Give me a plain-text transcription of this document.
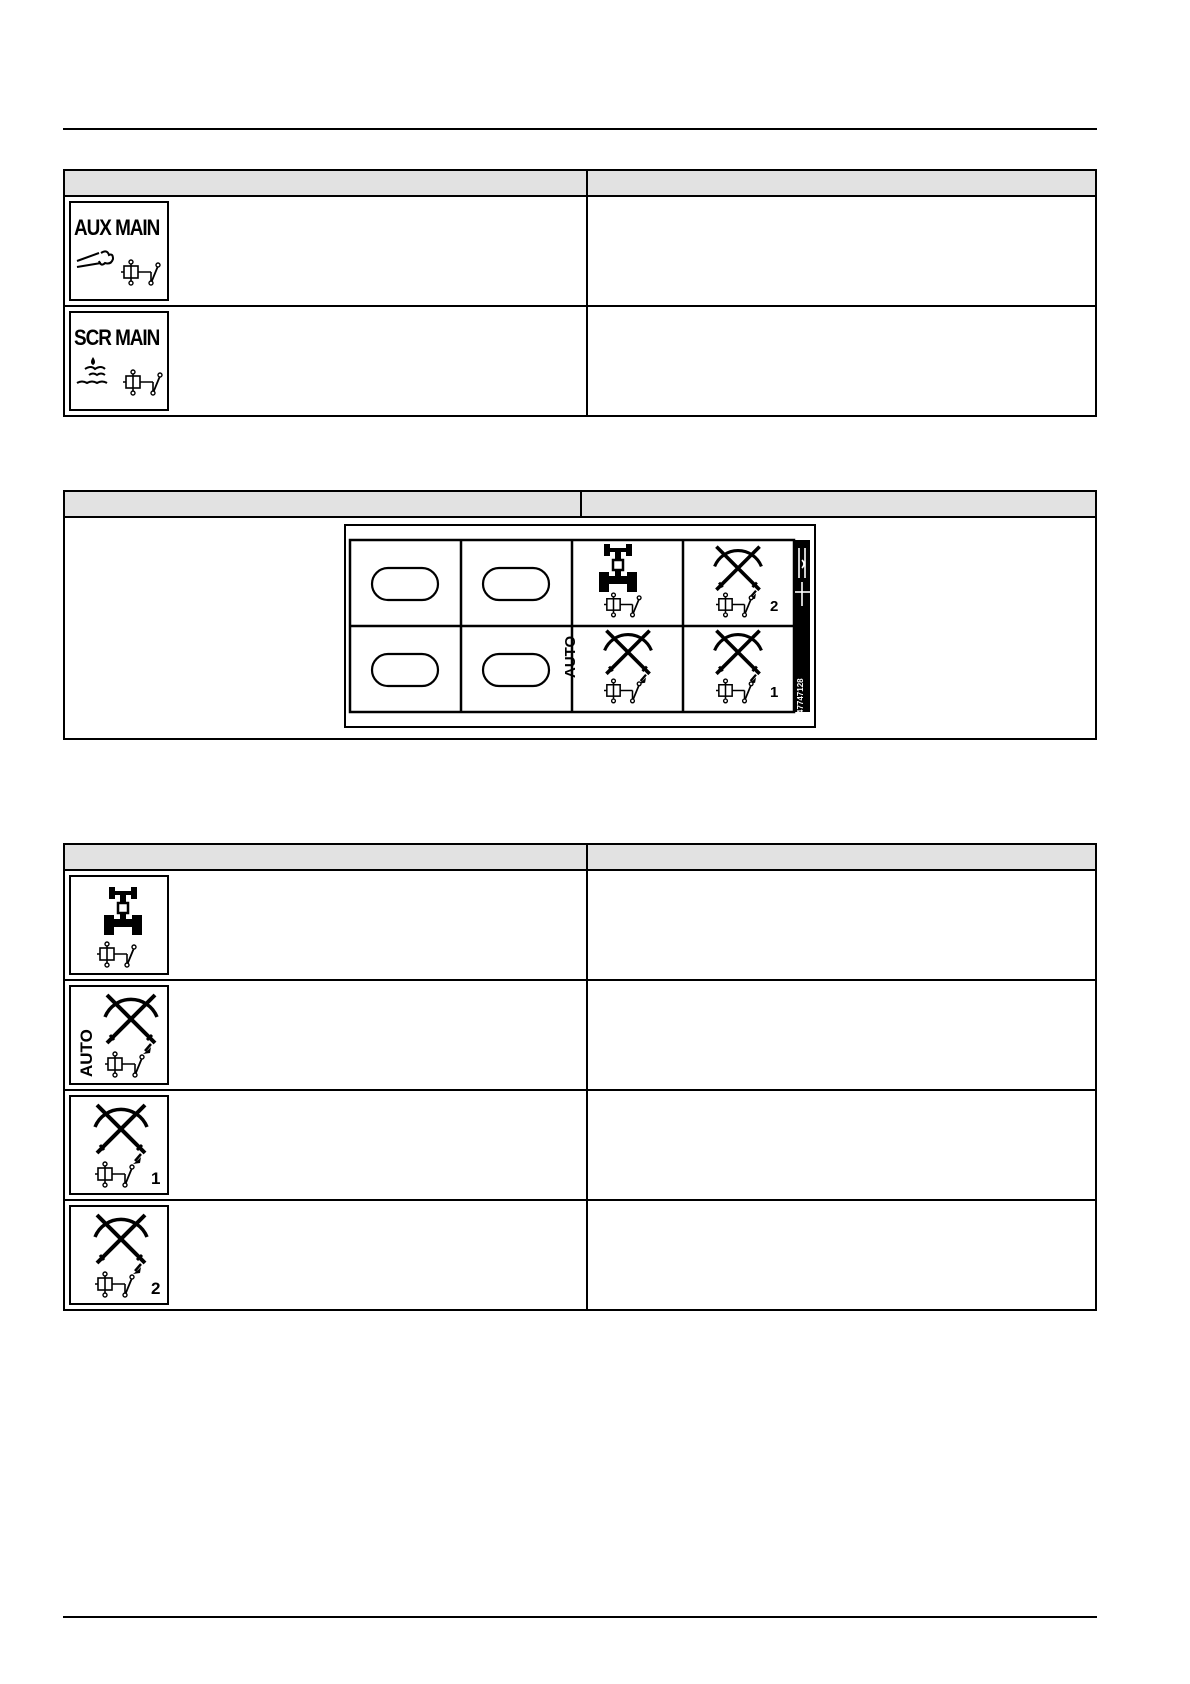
AUX MAIN	

SCR MAIN	

AUTO
2
1 47747128

AUTO	

1	

2	
